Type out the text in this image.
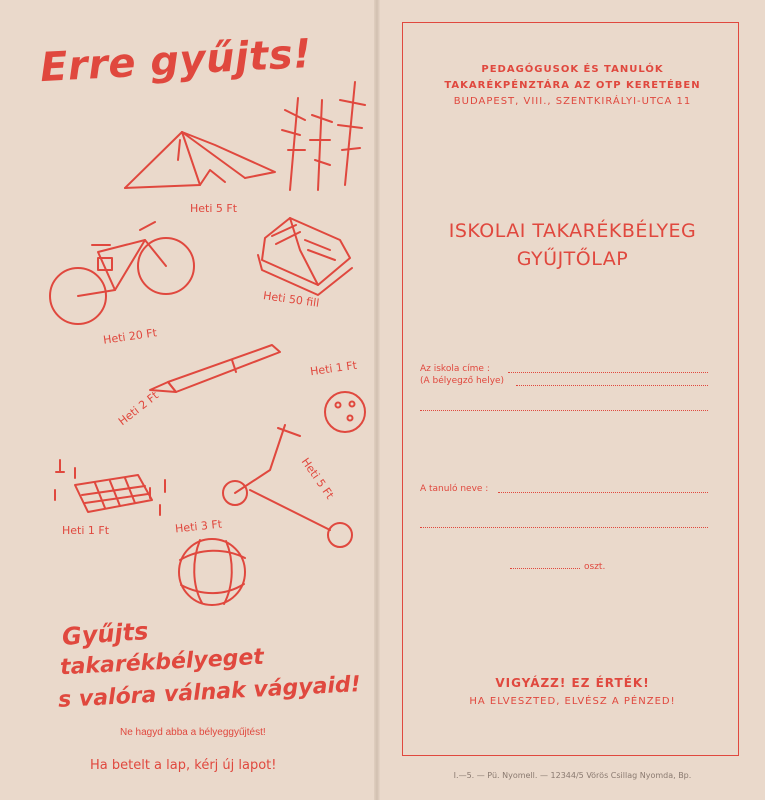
Erre gyűjts!
Heti 5 Ft
Heti 20 Ft
Heti 50 fill
Heti 2 Ft
Heti 1 Ft
Heti 5 Ft
Heti 1 Ft	Heti 3 Ft
Gyűjts
takarékbélyeget
s valóra válnak vágyaid!
Ne hagyd abba a bélyeggyűjtést!
Ha betelt a lap, kérj új lapot!
PEDAGÓGUSOK ÉS TANULÓK
TAKARÉKPÉNZTÁRA AZ OTP KERETÉBEN
BUDAPEST, VIII., SZENTKIRÁLYI-UTCA 11
ISKOLAI TAKARÉKBÉLYEG
GYŰJTŐLAP
Az iskola címe :
(A bélyegző helye)
A tanuló neve :
oszt.
VIGYÁZZ! EZ ÉRTÉK!
HA ELVESZTED, ELVÉSZ A PÉNZED!
I.—5. — Pü. Nyomell. — 12344/5 Vörös Csillag Nyomda, Bp.
